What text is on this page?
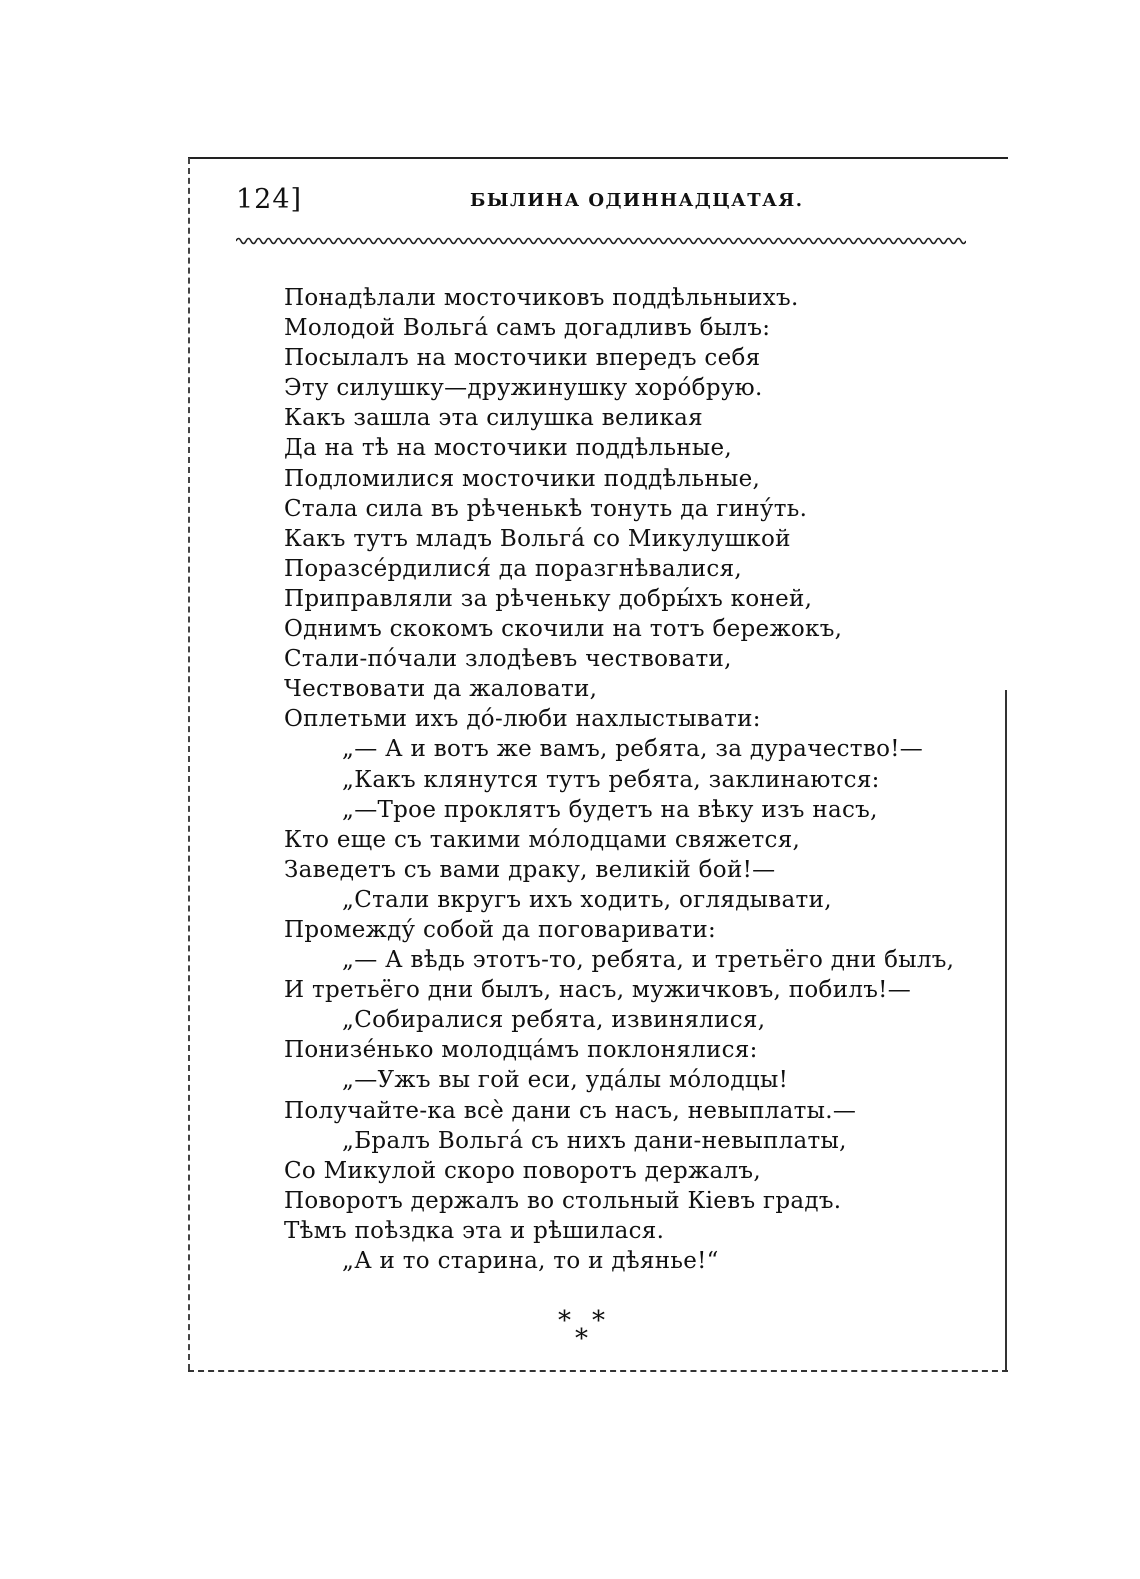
124]	БЫЛИНА ОДИННАДЦАТАЯ.
Понадѣлали мосточиковъ поддѣльныихъ.
Молодой Вольга́ самъ догадливъ былъ:
Посылалъ на мосточики впередъ себя
Эту силушку—дружинушку хоро́брую.
Какъ зашла эта силушка великая
Да на тѣ на мосточики поддѣльные,
Подломилися мосточики поддѣльные,
Стала сила въ рѣченькѣ тонуть да гину́ть.
Какъ тутъ младъ Вольга́ со Микулушкой
Поразсе́рдилися́ да поразгнѣвалися,
Приправляли за рѣченьку добры́хъ коней,
Однимъ скокомъ скочили на тотъ бережокъ,
Стали-по́чали злодѣевъ чествовати,
Чествовати да жаловати,
Оплетьми ихъ до́-люби нахлыстывати:
„— А и вотъ же вамъ, ребята, за дурачество!—
„Какъ клянутся тутъ ребята, заклинаются:
„—Трое проклятъ будетъ на вѣку изъ насъ,
Кто еще съ такими мо́лодцами свяжется,
Заведетъ съ вами драку, великій бой!—
„Стали вкругъ ихъ ходить, оглядывати,
Промежду́ собой да поговаривати:
„— А вѣдь этотъ-то, ребята, и третьёго дни былъ,
И третьёго дни былъ, насъ, мужичковъ, побилъ!—
„Собиралися ребята, извинялися,
Понизе́нько молодца́мъ поклонялися:
„—Ужъ вы гой еси, уда́лы мо́лодцы!
Получайте-ка всѐ дани съ насъ, невыплаты.—
„Бралъ Вольга́ съ нихъ дани-невыплаты,
Со Микулой скоро поворотъ держалъ,
Поворотъ держалъ во стольный Кіевъ градъ.
Тѣмъ поѣздка эта и рѣшилася.
„А и то старина, то и дѣянье!“
* *
*
